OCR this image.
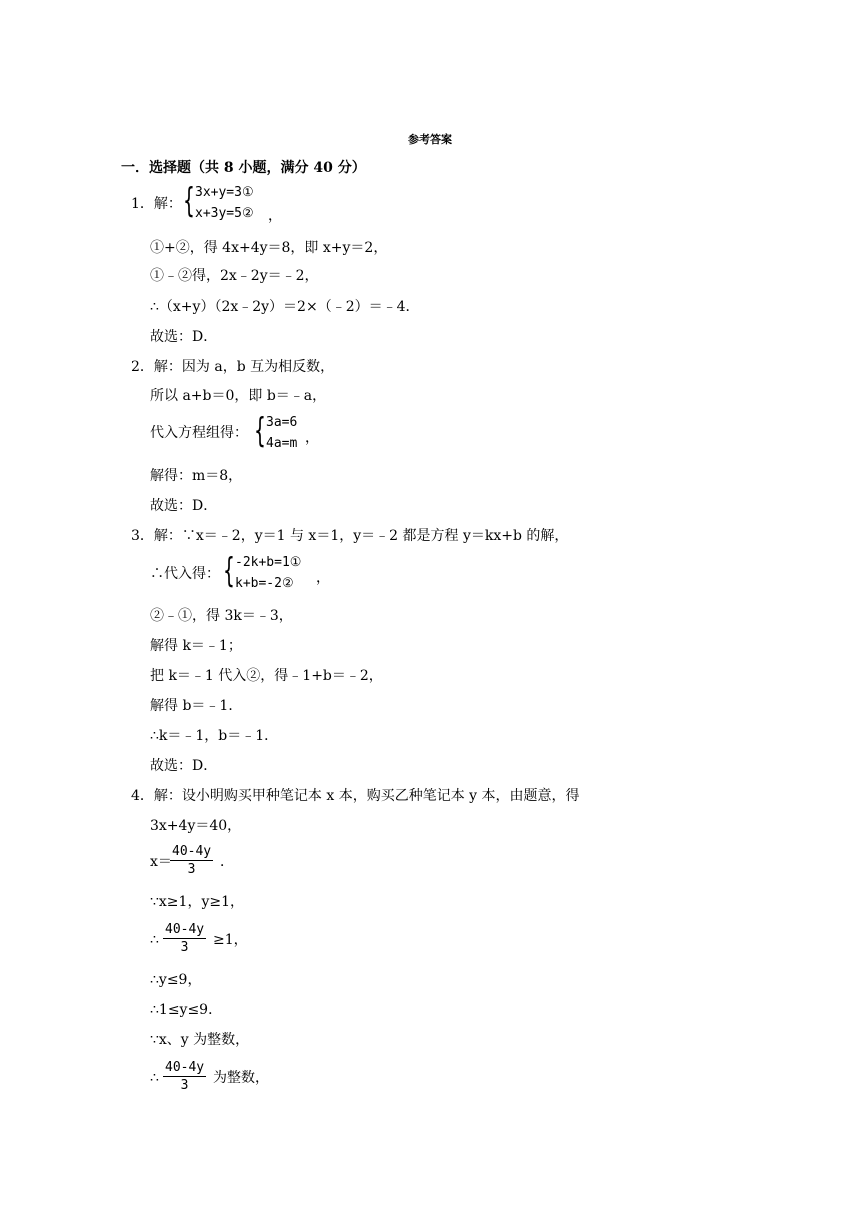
参考答案
一．选择题（共 8 小题，满分 40 分）
1．解： { 3x+y=3①
x+3y=5② ，
①+②，得 4x+4y＝8，即 x+y＝2，
①﹣②得，2x﹣2y＝﹣2，
∴（x+y）（2x﹣2y）＝2×（﹣2）＝﹣4．
故选：D．
2．解：因为 a，b 互为相反数，
所以 a+b＝0，即 b＝﹣a，
代入方程组得： { 3a=6
4a=m ，
解得：m＝8，
故选：D．
3．解：∵x＝﹣2，y＝1 与 x＝1，y＝﹣2 都是方程 y＝kx+b 的解，
∴代入得： { -2k+b=1①
k+b=-2② ，
②﹣①，得 3k＝﹣3，
解得 k＝﹣1；
把 k＝﹣1 代入②，得﹣1+b＝﹣2，
解得 b＝﹣1．
∴k＝﹣1，b＝﹣1．
故选：D．
4．解：设小明购买甲种笔记本 x 本，购买乙种笔记本 y 本，由题意，得
3x+4y＝40，
x＝
$\frac{40-4y}{3}$ ．
∵x≥1，y≥1，
∴ $\frac{40-4y}{3} \ge 1$，
∴y≤9，
∴1≤y≤9．
∵x、y 为整数，
∴ $\frac{40-4y}{3}$ 为整数，
